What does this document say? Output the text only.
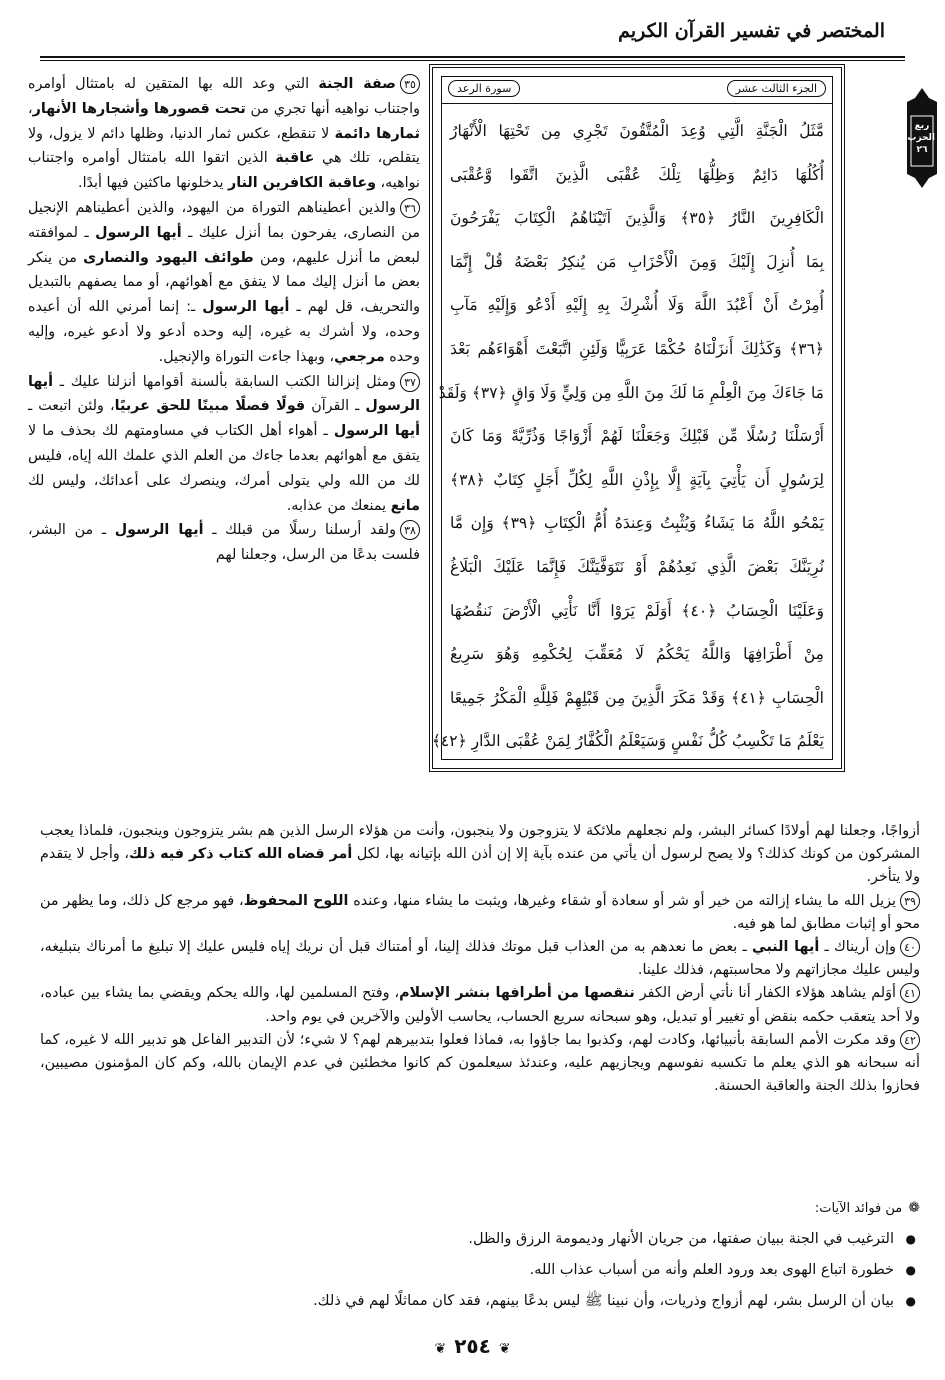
المختصر في تفسير القرآن الكريم
ربع الحزب ٢٦
الجزء الثالث عشر
سورة الرعد
مَّثَلُ الْجَنَّةِ الَّتِي وُعِدَ الْمُتَّقُونَ تَجْرِي مِن تَحْتِهَا الْأَنْهَارُ
أُكُلُهَا دَائِمٌ وَظِلُّهَا تِلْكَ عُقْبَى الَّذِينَ اتَّقَوا وَّعُقْبَى
الْكَافِرِينَ النَّارُ ﴿٣٥﴾ وَالَّذِينَ آتَيْنَاهُمُ الْكِتَابَ يَفْرَحُونَ
بِمَا أُنزِلَ إِلَيْكَ وَمِنَ الْأَحْزَابِ مَن يُنكِرُ بَعْضَهُ قُلْ إِنَّمَا
أُمِرْتُ أَنْ أَعْبُدَ اللَّهَ وَلَا أُشْرِكَ بِهِ إِلَيْهِ أَدْعُو وَإِلَيْهِ مَآبِ
﴿٣٦﴾ وَكَذَٰلِكَ أَنزَلْنَاهُ حُكْمًا عَرَبِيًّا وَلَئِنِ اتَّبَعْتَ أَهْوَاءَهُم بَعْدَ
مَا جَاءَكَ مِنَ الْعِلْمِ مَا لَكَ مِنَ اللَّهِ مِن وَلِيٍّ وَلَا وَاقٍ ﴿٣٧﴾ وَلَقَدْ
أَرْسَلْنَا رُسُلًا مِّن قَبْلِكَ وَجَعَلْنَا لَهُمْ أَزْوَاجًا وَذُرِّيَّةً وَمَا كَانَ
لِرَسُولٍ أَن يَأْتِيَ بِآيَةٍ إِلَّا بِإِذْنِ اللَّهِ لِكُلِّ أَجَلٍ كِتَابٌ ﴿٣٨﴾
يَمْحُو اللَّهُ مَا يَشَاءُ وَيُثْبِتُ وَعِندَهُ أُمُّ الْكِتَابِ ﴿٣٩﴾ وَإِن مَّا
نُرِيَنَّكَ بَعْضَ الَّذِي نَعِدُهُمْ أَوْ نَتَوَفَّيَنَّكَ فَإِنَّمَا عَلَيْكَ الْبَلَاغُ
وَعَلَيْنَا الْحِسَابُ ﴿٤٠﴾ أَوَلَمْ يَرَوْا أَنَّا نَأْتِي الْأَرْضَ نَنقُصُهَا
مِنْ أَطْرَافِهَا وَاللَّهُ يَحْكُمُ لَا مُعَقِّبَ لِحُكْمِهِ وَهُوَ سَرِيعُ
الْحِسَابِ ﴿٤١﴾ وَقَدْ مَكَرَ الَّذِينَ مِن قَبْلِهِمْ فَلِلَّهِ الْمَكْرُ جَمِيعًا
يَعْلَمُ مَا تَكْسِبُ كُلُّ نَفْسٍ وَسَيَعْلَمُ الْكُفَّارُ لِمَنْ عُقْبَى الدَّارِ ﴿٤٢﴾

٣٥صفة الجنة التي وعد الله بها المتقين له بامتثال أوامره واجتناب نواهيه أنها تجري من تحت قصورها وأشجارها الأنهار، ثمارها دائمة لا تنقطع، عكس ثمار الدنيا، وظلها دائم لا يزول، ولا يتقلص، تلك هي عاقبة الذين اتقوا الله بامتثال أوامره واجتناب نواهيه، وعاقبة الكافرين النار يدخلونها ماكثين فيها أبدًا.

٣٦والذين أعطيناهم التوراة من اليهود، والذين أعطيناهم الإنجيل من النصارى، يفرحون بما أنزل عليك ـ أيها الرسول ـ لموافقته لبعض ما أنزل عليهم، ومن طوائف اليهود والنصارى من ينكر بعض ما أنزل إليك مما لا يتفق مع أهوائهم، أو مما يصفهم بالتبديل والتحريف، قل لهم ـ أيها الرسول ـ: إنما أمرني الله أن أعبده وحده، ولا أشرك به غيره، إليه وحده أدعو ولا أدعو غيره، وإليه وحده مرجعي، وبهذا جاءت التوراة والإنجيل.

٣٧ومثل إنزالنا الكتب السابقة بألسنة أقوامها أنزلنا عليك ـ أيها الرسول ـ القرآن قولًا فصلًا مبينًا للحق عربيًا، ولئن اتبعت ـ أيها الرسول ـ أهواء أهل الكتاب في مساومتهم لك بحذف ما لا يتفق مع أهوائهم بعدما جاءك من العلم الذي علمك الله إياه، فليس لك من الله ولي يتولى أمرك، وينصرك على أعدائك، وليس لك مانع يمنعك من عذابه.

٣٨ولقد أرسلنا رسلًا من قبلك ـ أيها الرسول ـ من البشر، فلست بدعًا من الرسل، وجعلنا لهم

أزواجًا، وجعلنا لهم أولادًا كسائر البشر، ولم نجعلهم ملائكة لا يتزوجون ولا ينجبون، وأنت من هؤلاء الرسل الذين هم بشر يتزوجون وينجبون، فلماذا يعجب المشركون من كونك كذلك؟ ولا يصح لرسول أن يأتي من عنده بآية إلا إن أذن الله بإتيانه بها، لكل أمر قضاه الله كتاب ذكر فيه ذلك، وأجل لا يتقدم ولا يتأخر.

٣٩يزيل الله ما يشاء إزالته من خير أو شر أو سعادة أو شقاء وغيرها، ويثبت ما يشاء منها، وعنده اللوح المحفوظ، فهو مرجع كل ذلك، وما يظهر من محو أو إثبات مطابق لما هو فيه.

٤٠وإن أريناك ـ أيها النبي ـ بعض ما نعدهم به من العذاب قبل موتك فذلك إلينا، أو أمتناك قبل أن نريك إياه فليس عليك إلا تبليغ ما أمرناك بتبليغه، وليس عليك مجازاتهم ولا محاسبتهم، فذلك علينا.

٤١أوَلم يشاهد هؤلاء الكفار أنا نأتي أرض الكفر ننقصها من أطرافها بنشر الإسلام، وفتح المسلمين لها، والله يحكم ويقضي بما يشاء بين عباده، ولا أحد يتعقب حكمه بنقض أو تغيير أو تبديل، وهو سبحانه سريع الحساب، يحاسب الأولين والآخرين في يوم واحد.

٤٢وقد مكرت الأمم السابقة بأنبيائها، وكادت لهم، وكذبوا بما جاؤوا به، فماذا فعلوا بتدبيرهم لهم؟ لا شيء؛ لأن التدبير الفاعل هو تدبير الله لا غيره، كما أنه سبحانه هو الذي يعلم ما تكسبه نفوسهم ويجازيهم عليه، وعندئذ سيعلمون كم كانوا مخطئين في عدم الإيمان بالله، وكم كان المؤمنون مصيبين، فحازوا بذلك الجنة والعاقبة الحسنة.

❁من فوائد الآيات:
● الترغيب في الجنة ببيان صفتها، من جريان الأنهار وديمومة الرزق والظل.
● خطورة اتباع الهوى بعد ورود العلم وأنه من أسباب عذاب الله.
● بيان أن الرسل بشر، لهم أزواج وذريات، وأن نبينا ﷺ ليس بدعًا بينهم، فقد كان مماثلًا لهم في ذلك.
❦٢٥٤❦
